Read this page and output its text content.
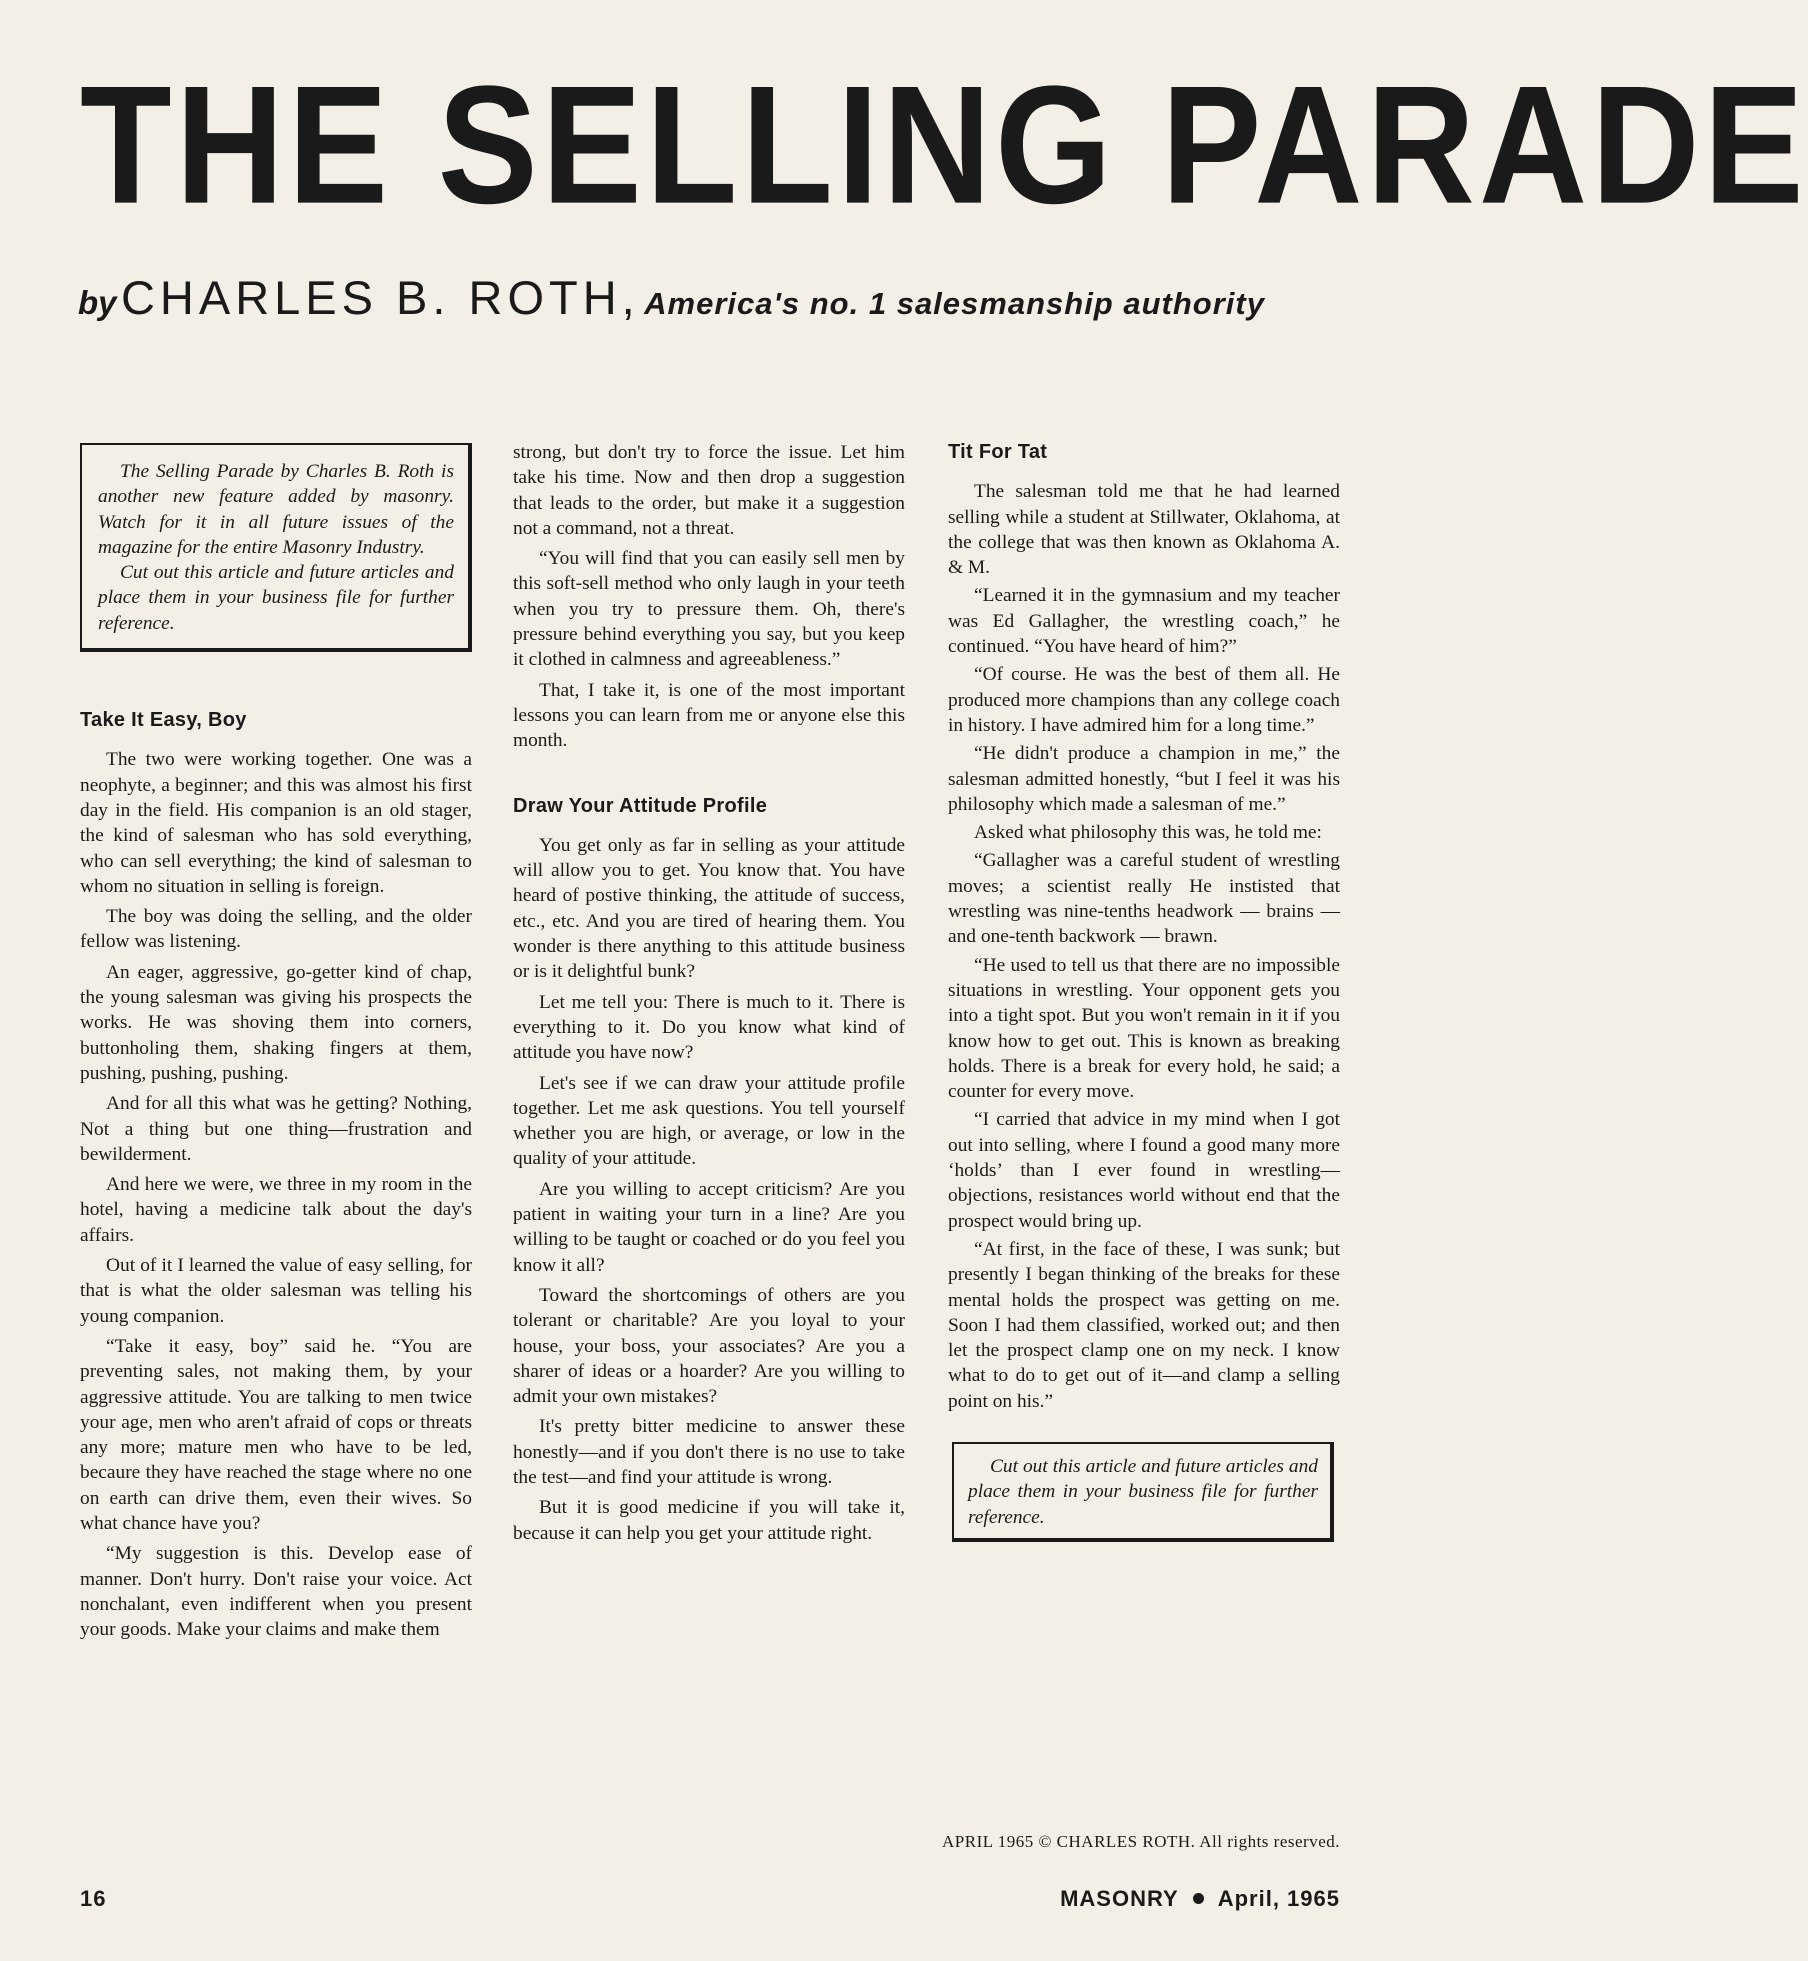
THE SELLING PARADE
by CHARLES B. ROTH, America's no. 1 salesmanship authority

The Selling Parade by Charles B. Roth is another new feature added by masonry. Watch for it in all future issues of the magazine for the entire Masonry Industry.

Cut out this article and future articles and place them in your business file for further reference.

Take It Easy, Boy

The two were working together. One was a neophyte, a beginner; and this was almost his first day in the field. His companion is an old stager, the kind of salesman who has sold everything, who can sell everything; the kind of salesman to whom no situation in selling is foreign.

The boy was doing the selling, and the older fellow was listening.

An eager, aggressive, go-getter kind of chap, the young salesman was giving his prospects the works. He was shoving them into corners, buttonholing them, shaking fingers at them, pushing, pushing, pushing.

And for all this what was he getting? Nothing, Not a thing but one thing—frustration and bewilderment.

And here we were, we three in my room in the hotel, having a medicine talk about the day's affairs.

Out of it I learned the value of easy selling, for that is what the older salesman was telling his young companion.

“Take it easy, boy” said he. “You are preventing sales, not making them, by your aggressive attitude. You are talking to men twice your age, men who aren't afraid of cops or threats any more; mature men who have to be led, becaure they have reached the stage where no one on earth can drive them, even their wives. So what chance have you?

“My suggestion is this. Develop ease of manner. Don't hurry. Don't raise your voice. Act nonchalant, even indifferent when you present your goods. Make your claims and make them

strong, but don't try to force the issue. Let him take his time. Now and then drop a suggestion that leads to the order, but make it a suggestion not a command, not a threat.

“You will find that you can easily sell men by this soft-sell method who only laugh in your teeth when you try to pressure them. Oh, there's pressure behind everything you say, but you keep it clothed in calmness and agreeableness.”

That, I take it, is one of the most important lessons you can learn from me or anyone else this month.

Draw Your Attitude Profile

You get only as far in selling as your attitude will allow you to get. You know that. You have heard of postive thinking, the attitude of success, etc., etc. And you are tired of hearing them. You wonder is there anything to this attitude business or is it delightful bunk?

Let me tell you: There is much to it. There is everything to it. Do you know what kind of attitude you have now?

Let's see if we can draw your attitude profile together. Let me ask questions. You tell yourself whether you are high, or average, or low in the quality of your attitude.

Are you willing to accept criticism? Are you patient in waiting your turn in a line? Are you willing to be taught or coached or do you feel you know it all?

Toward the shortcomings of others are you tolerant or charitable? Are you loyal to your house, your boss, your associates? Are you a sharer of ideas or a hoarder? Are you willing to admit your own mistakes?

It's pretty bitter medicine to answer these honestly—and if you don't there is no use to take the test—and find your attitude is wrong.

But it is good medicine if you will take it, because it can help you get your attitude right.

Tit For Tat

The salesman told me that he had learned selling while a student at Stillwater, Oklahoma, at the college that was then known as Oklahoma A. & M.

“Learned it in the gymnasium and my teacher was Ed Gallagher, the wrestling coach,” he continued. “You have heard of him?”

“Of course. He was the best of them all. He produced more champions than any college coach in history. I have admired him for a long time.”

“He didn't produce a champion in me,” the salesman admitted honestly, “but I feel it was his philosophy which made a salesman of me.”

Asked what philosophy this was, he told me:

“Gallagher was a careful student of wrestling moves; a scientist really He instisted that wrestling was nine-tenths headwork — brains — and one-tenth backwork — brawn.

“He used to tell us that there are no impossible situations in wrestling. Your opponent gets you into a tight spot. But you won't remain in it if you know how to get out. This is known as breaking holds. There is a break for every hold, he said; a counter for every move.

“I carried that advice in my mind when I got out into selling, where I found a good many more ‘holds’ than I ever found in wrestling—objections, resistances world without end that the prospect would bring up.

“At first, in the face of these, I was sunk; but presently I began thinking of the breaks for these mental holds the prospect was getting on me. Soon I had them classified, worked out; and then let the prospect clamp one on my neck. I know what to do to get out of it—and clamp a selling point on his.”

Cut out this article and future articles and place them in your business file for further reference.

APRIL 1965 © CHARLES ROTH. All rights reserved.
16	MASONRY April, 1965
